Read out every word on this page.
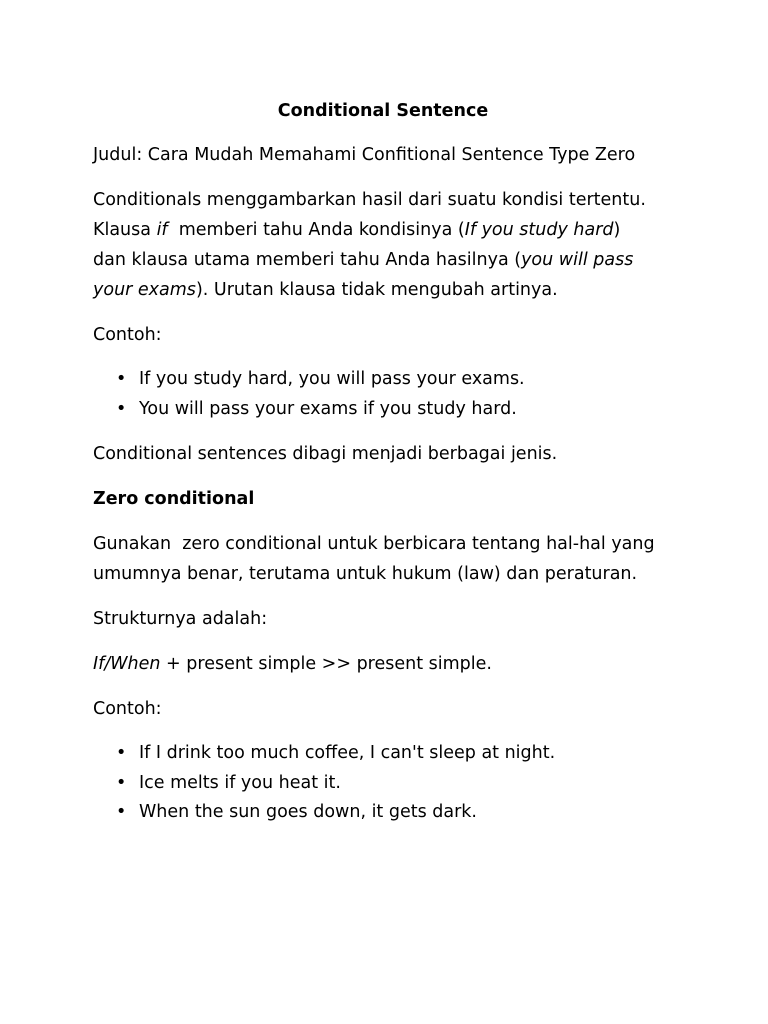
Conditional Sentence

Judul: Cara Mudah Memahami Confitional Sentence Type Zero

Conditionals menggambarkan hasil dari suatu kondisi tertentu.

Klausa if  memberi tahu Anda kondisinya (If you study hard)

dan klausa utama memberi tahu Anda hasilnya (you will pass

your exams). Urutan klausa tidak mengubah artinya.

Contoh:

• If you study hard, you will pass your exams.
• You will pass your exams if you study hard.

Conditional sentences dibagi menjadi berbagai jenis.

Zero conditional

Gunakan  zero conditional untuk berbicara tentang hal-hal yang

umumnya benar, terutama untuk hukum (law) dan peraturan.

Strukturnya adalah:

If/When + present simple >> present simple.

Contoh:

• If I drink too much coffee, I can't sleep at night.
• Ice melts if you heat it.
• When the sun goes down, it gets dark.
